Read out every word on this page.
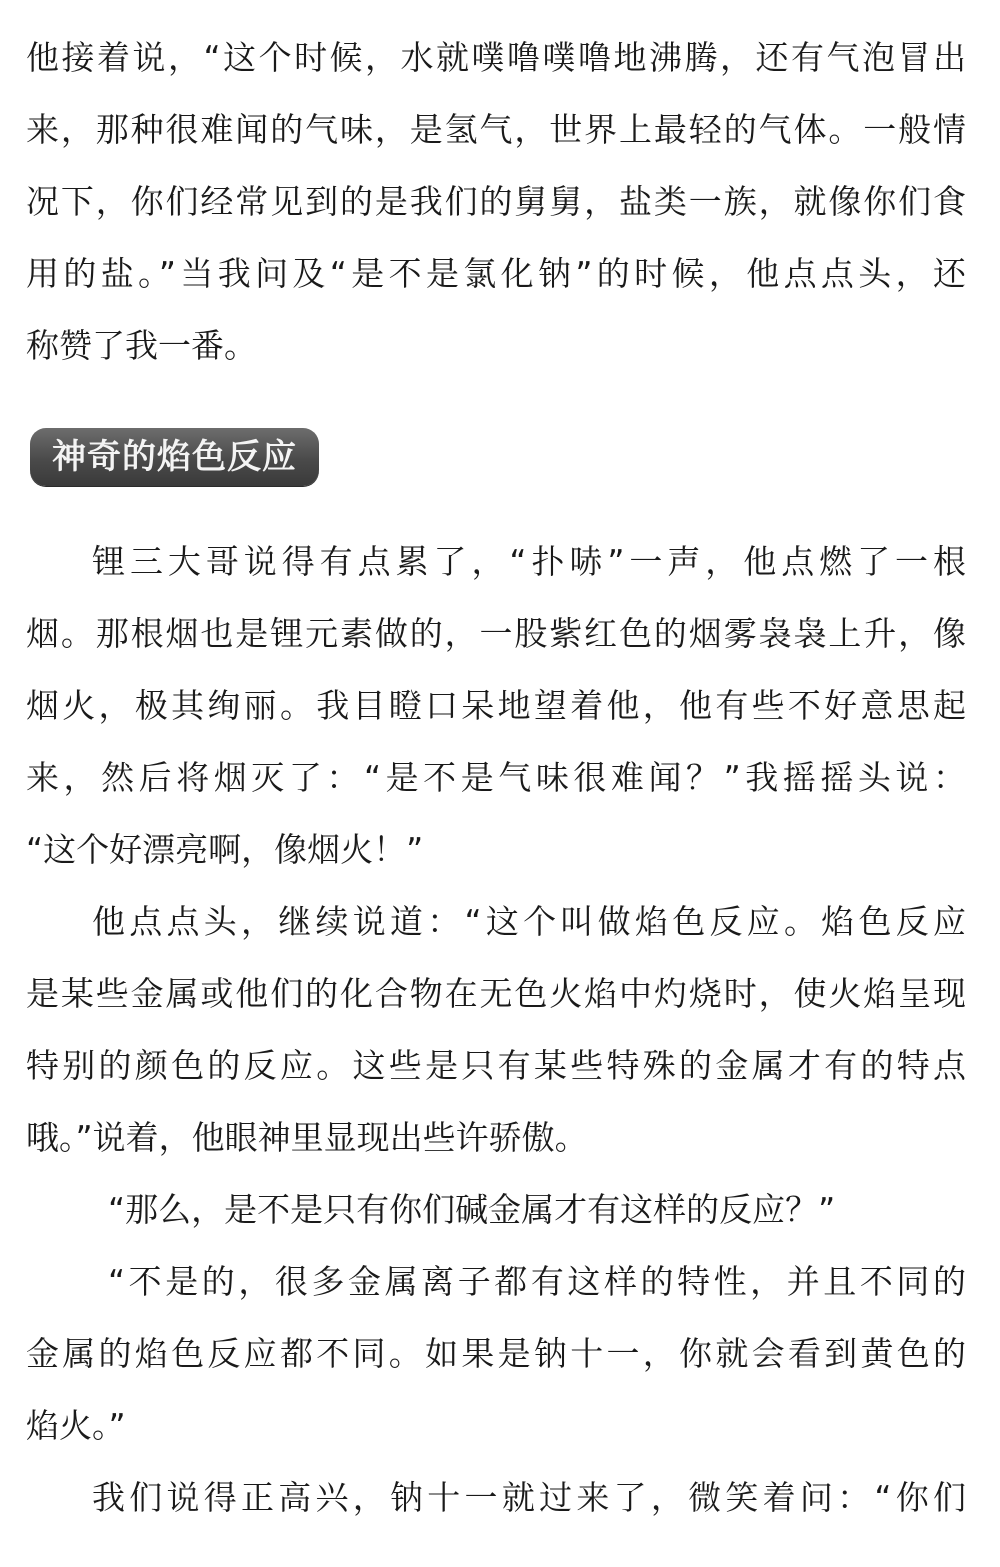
他接着说，“这个时候，水就噗噜噗噜地沸腾，还有气泡冒出
来，那种很难闻的气味，是氢气，世界上最轻的气体。一般情
况下，你们经常见到的是我们的舅舅，盐类一族，就像你们食
用的盐。”当我问及“是不是氯化钠”的时候，他点点头，还
称赞了我一番。
神奇的焰色反应
锂三大哥说得有点累了，“扑哧”一声，他点燃了一根
烟。那根烟也是锂元素做的，一股紫红色的烟雾袅袅上升，像
烟火，极其绚丽。我目瞪口呆地望着他，他有些不好意思起
来，然后将烟灭了：“是不是气味很难闻？”我摇摇头说：
“这个好漂亮啊，像烟火！”
他点点头，继续说道：“这个叫做焰色反应。焰色反应
是某些金属或他们的化合物在无色火焰中灼烧时，使火焰呈现
特别的颜色的反应。这些是只有某些特殊的金属才有的特点
哦。”说着，他眼神里显现出些许骄傲。
“那么，是不是只有你们碱金属才有这样的反应？”
“不是的，很多金属离子都有这样的特性，并且不同的
金属的焰色反应都不同。如果是钠十一，你就会看到黄色的
焰火。”
我们说得正高兴，钠十一就过来了，微笑着问：“你们
